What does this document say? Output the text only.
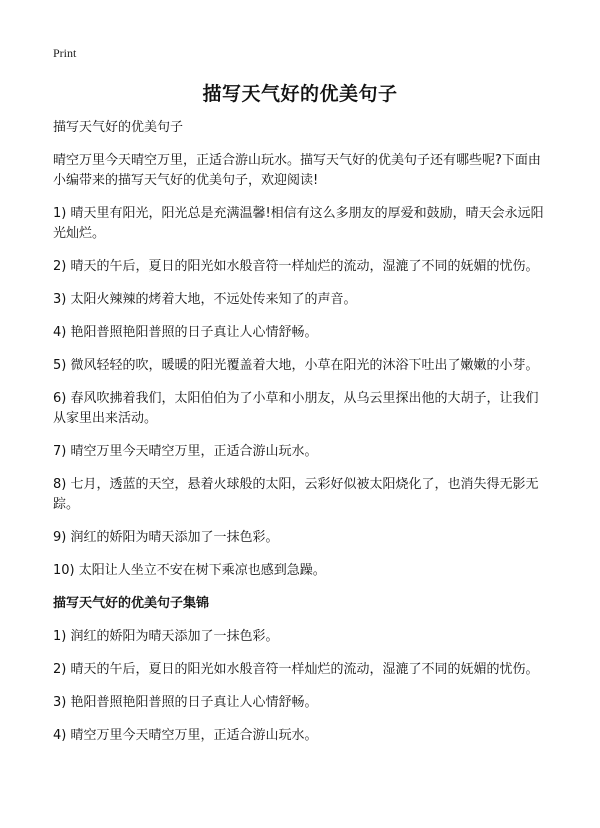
Print
描写天气好的优美句子

描写天气好的优美句子

晴空万里今天晴空万里，正适合游山玩水。描写天气好的优美句子还有哪些呢?下面由小编带来的描写天气好的优美句子，欢迎阅读!

1) 晴天里有阳光，阳光总是充满温馨!相信有这么多朋友的厚爱和鼓励，晴天会永远阳光灿烂。
2) 晴天的午后，夏日的阳光如水般音符一样灿烂的流动，湿漉了不同的妩媚的忧伤。
3) 太阳火辣辣的烤着大地，不远处传来知了的声音。
4) 艳阳普照艳阳普照的日子真让人心情舒畅。
5) 微风轻轻的吹，暖暖的阳光覆盖着大地，小草在阳光的沐浴下吐出了嫩嫩的小芽。
6) 春风吹拂着我们，太阳伯伯为了小草和小朋友，从乌云里探出他的大胡子，让我们从家里出来活动。
7) 晴空万里今天晴空万里，正适合游山玩水。
8) 七月，透蓝的天空，悬着火球般的太阳，云彩好似被太阳烧化了，也消失得无影无踪。
9) 润红的娇阳为晴天添加了一抹色彩。
10) 太阳让人坐立不安在树下乘凉也感到急躁。

描写天气好的优美句子集锦

1) 润红的娇阳为晴天添加了一抹色彩。
2) 晴天的午后，夏日的阳光如水般音符一样灿烂的流动，湿漉了不同的妩媚的忧伤。
3) 艳阳普照艳阳普照的日子真让人心情舒畅。
4) 晴空万里今天晴空万里，正适合游山玩水。
